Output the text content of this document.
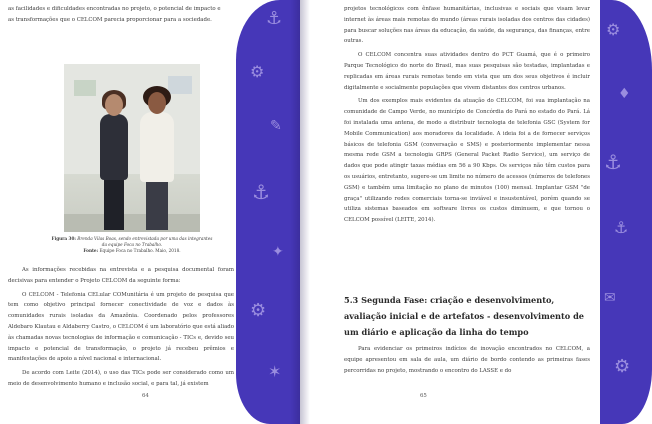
⚓
⚙
✎
⚓
✦
⚙
✶

as facilidades e dificuldades encontradas no projeto, o potencial de impacto e

as transformações que o CELCOM parecia proporcionar para a sociedade.

Figura 30: Brenda Vilas Boas, sendo entrevistada por uma das integrantes
da equipe Foca no Trabalho.
Fonte: Equipe Foca no Trabalho. Maio, 2018.

As informações recebidas na entrevista e a pesquisa documental foram decisivas para entender o Projeto CELCOM da seguinte forma:

O CELCOM - Telefonia CELular COMunitária é um projeto de pesquisa que tem como objetivo principal fornecer conectividade de voz e dados às comunidades rurais isoladas da Amazônia. Coordenado pelos professores Aldebaro Klautau e Aldaberry Castro, o CELCOM é um laboratório que está aliado às chamadas novas tecnologias de informação e comunicação - TICs e, devido seu impacto e potencial de transformação, o projeto já recebeu prêmios e manifestações de apoio a nível nacional e internacional.

De acordo com Leite (2014), o uso das TICs pode ser considerado como um meio de desenvolvimento humano e inclusão social, e para tal, já existem

64
⚙
♦
⚓
⚓
✉
⚙

projetos tecnológicos com ênfase humanitárias, inclusivas e sociais que visam levar internet às áreas mais remotas do mundo (áreas rurais isoladas dos centros das cidades) para buscar soluções nas áreas da educação, da saúde, da segurança, das finanças, entre outras.

O CELCOM concentra suas atividades dentro do PCT Guamá, que é o primeiro Parque Tecnológico do norte do Brasil, mas suas pesquisas são testadas, implantadas e replicadas em áreas rurais remotas tendo em vista que um dos seus objetivos é incluir digitalmente e socialmente populações que vivem distantes dos centros urbanos.

Um dos exemplos mais evidentes da atuação do CELCOM, foi sua implantação na comunidade de Campo Verde, no município de Concórdia do Pará no estado do Pará. Lá foi instalada uma antena, de modo a distribuir tecnologia de telefonia GSC (System for Mobile Communication) aos moradores da localidade. A ideia foi a de fornecer serviços básicos de telefonia GSM (conversação e SMS) e posteriormente implementar nessa mesma rede GSM a tecnologia GRPS (General Packet Radio Service), um serviço de dados que pode atingir taxas médias em 56 a 90 Kbps. Os serviços não têm custos para os usuários, entretanto, sugere-se um limite no número de acessos (números de telefones GSM) e também uma limitação no plano de minutos (100) mensal. Implantar GSM "de graça" utilizando redes comerciais torna-se inviável e insustentável, porém quando se utiliza sistemas baseados em software livres os custos diminuem, e que tornou o CELCOM possível (LEITE, 2014).

65
5.3 Segunda Fase: criação e desenvolvimento, avaliação inicial e de artefatos - desenvolvimento de um diário e aplicação da linha do tempo

Para evidenciar os primeiros indícios de inovação encontrados no CELCOM, a equipe apresentou em sala de aula, um diário de bordo contendo as primeiras fases percorridas no projeto, mostrando o encontro do LASSE e do
